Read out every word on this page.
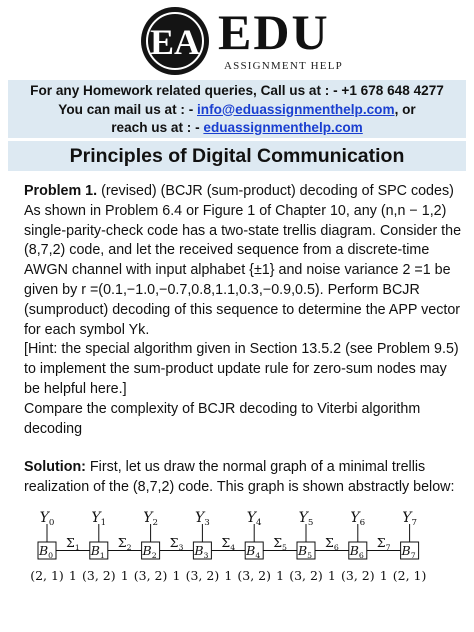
EA EDU
ASSIGNMENT HELP
For any Homework related queries, Call us at : - +1 678 648 4277
You can mail us at : - info@eduassignmenthelp.com, or
reach us at : - eduassignmenthelp.com
Principles of Digital Communication

Problem 1. (revised) (BCJR (sum-product) decoding of SPC codes) As shown in Problem 6.4 or Figure 1 of Chapter 10, any (n,n − 1,2) single-parity-check code has a two-state trellis diagram. Consider the (8,7,2) code, and let the received sequence from a discrete-time AWGN channel with input alphabet {±1} and noise variance 2 =1 be given by r =(0.1,−1.0,−0.7,0.8,1.1,0.3,−0.9,0.5). Perform BCJR (sumproduct) decoding of this sequence to determine the APP vector for each symbol Yk.

[Hint: the special algorithm given in Section 13.5.2 (see Problem 9.5) to implement the sum-product update rule for zero-sum nodes may be helpful here.]

Compare the complexity of BCJR decoding to Viterbi algorithm decoding

Solution: First, let us draw the normal graph of a minimal trellis realization of the (8,7,2) code. This graph is shown abstractly below:

$Y_0$
$B_0$
(2, 1)
$\Sigma_1$
1
$Y_1$
$B_1$
(3, 2)
$\Sigma_2$
1
$Y_2$
$B_2$
(3, 2)
$\Sigma_3$
1
$Y_3$
$B_3$
(3, 2)
$\Sigma_4$
1
$Y_4$
$B_4$
(3, 2)
$\Sigma_5$
1
$Y_5$
$B_5$
(3, 2)
$\Sigma_6$
1
$Y_6$
$B_6$
(3, 2)
$\Sigma_7$
1
$Y_7$
$B_7$
(2, 1)
